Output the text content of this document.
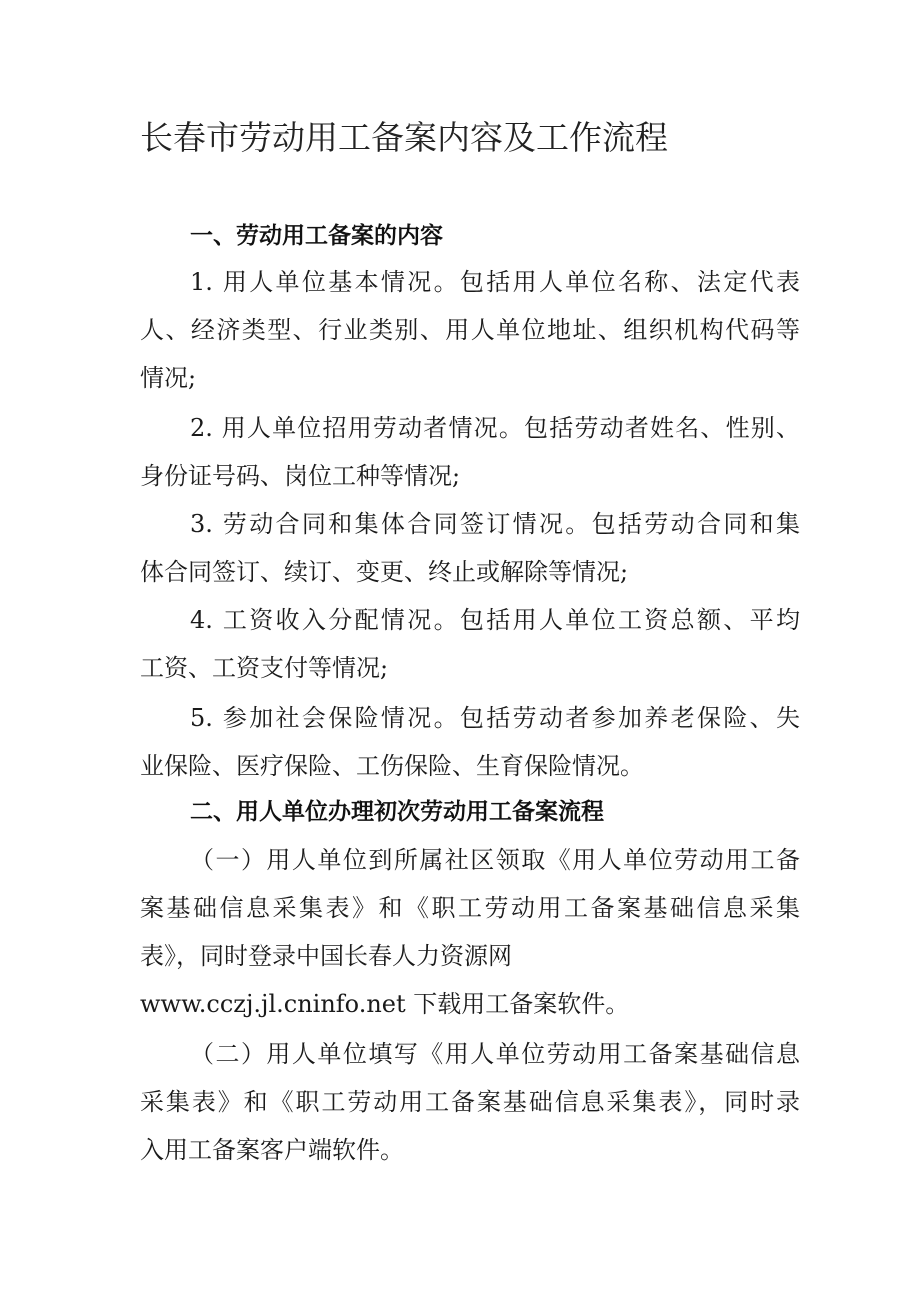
长春市劳动用工备案内容及工作流程
一、劳动用工备案的内容
1. 用人单位基本情况。包括用人单位名称、法定代表
人、经济类型、行业类别、用人单位地址、组织机构代码等
情况;
2. 用人单位招用劳动者情况。包括劳动者姓名、性别、
身份证号码、岗位工种等情况;
3. 劳动合同和集体合同签订情况。包括劳动合同和集
体合同签订、续订、变更、终止或解除等情况;
4. 工资收入分配情况。包括用人单位工资总额、平均
工资、工资支付等情况;
5. 参加社会保险情况。包括劳动者参加养老保险、失
业保险、医疗保险、工伤保险、生育保险情况。
二、用人单位办理初次劳动用工备案流程
（一）用人单位到所属社区领取《用人单位劳动用工备
案基础信息采集表》和《职工劳动用工备案基础信息采集
表》，同时登录中国长春人力资源网
www.cczj.jl.cninfo.net 下载用工备案软件。
（二）用人单位填写《用人单位劳动用工备案基础信息
采集表》和《职工劳动用工备案基础信息采集表》，同时录
入用工备案客户端软件。
